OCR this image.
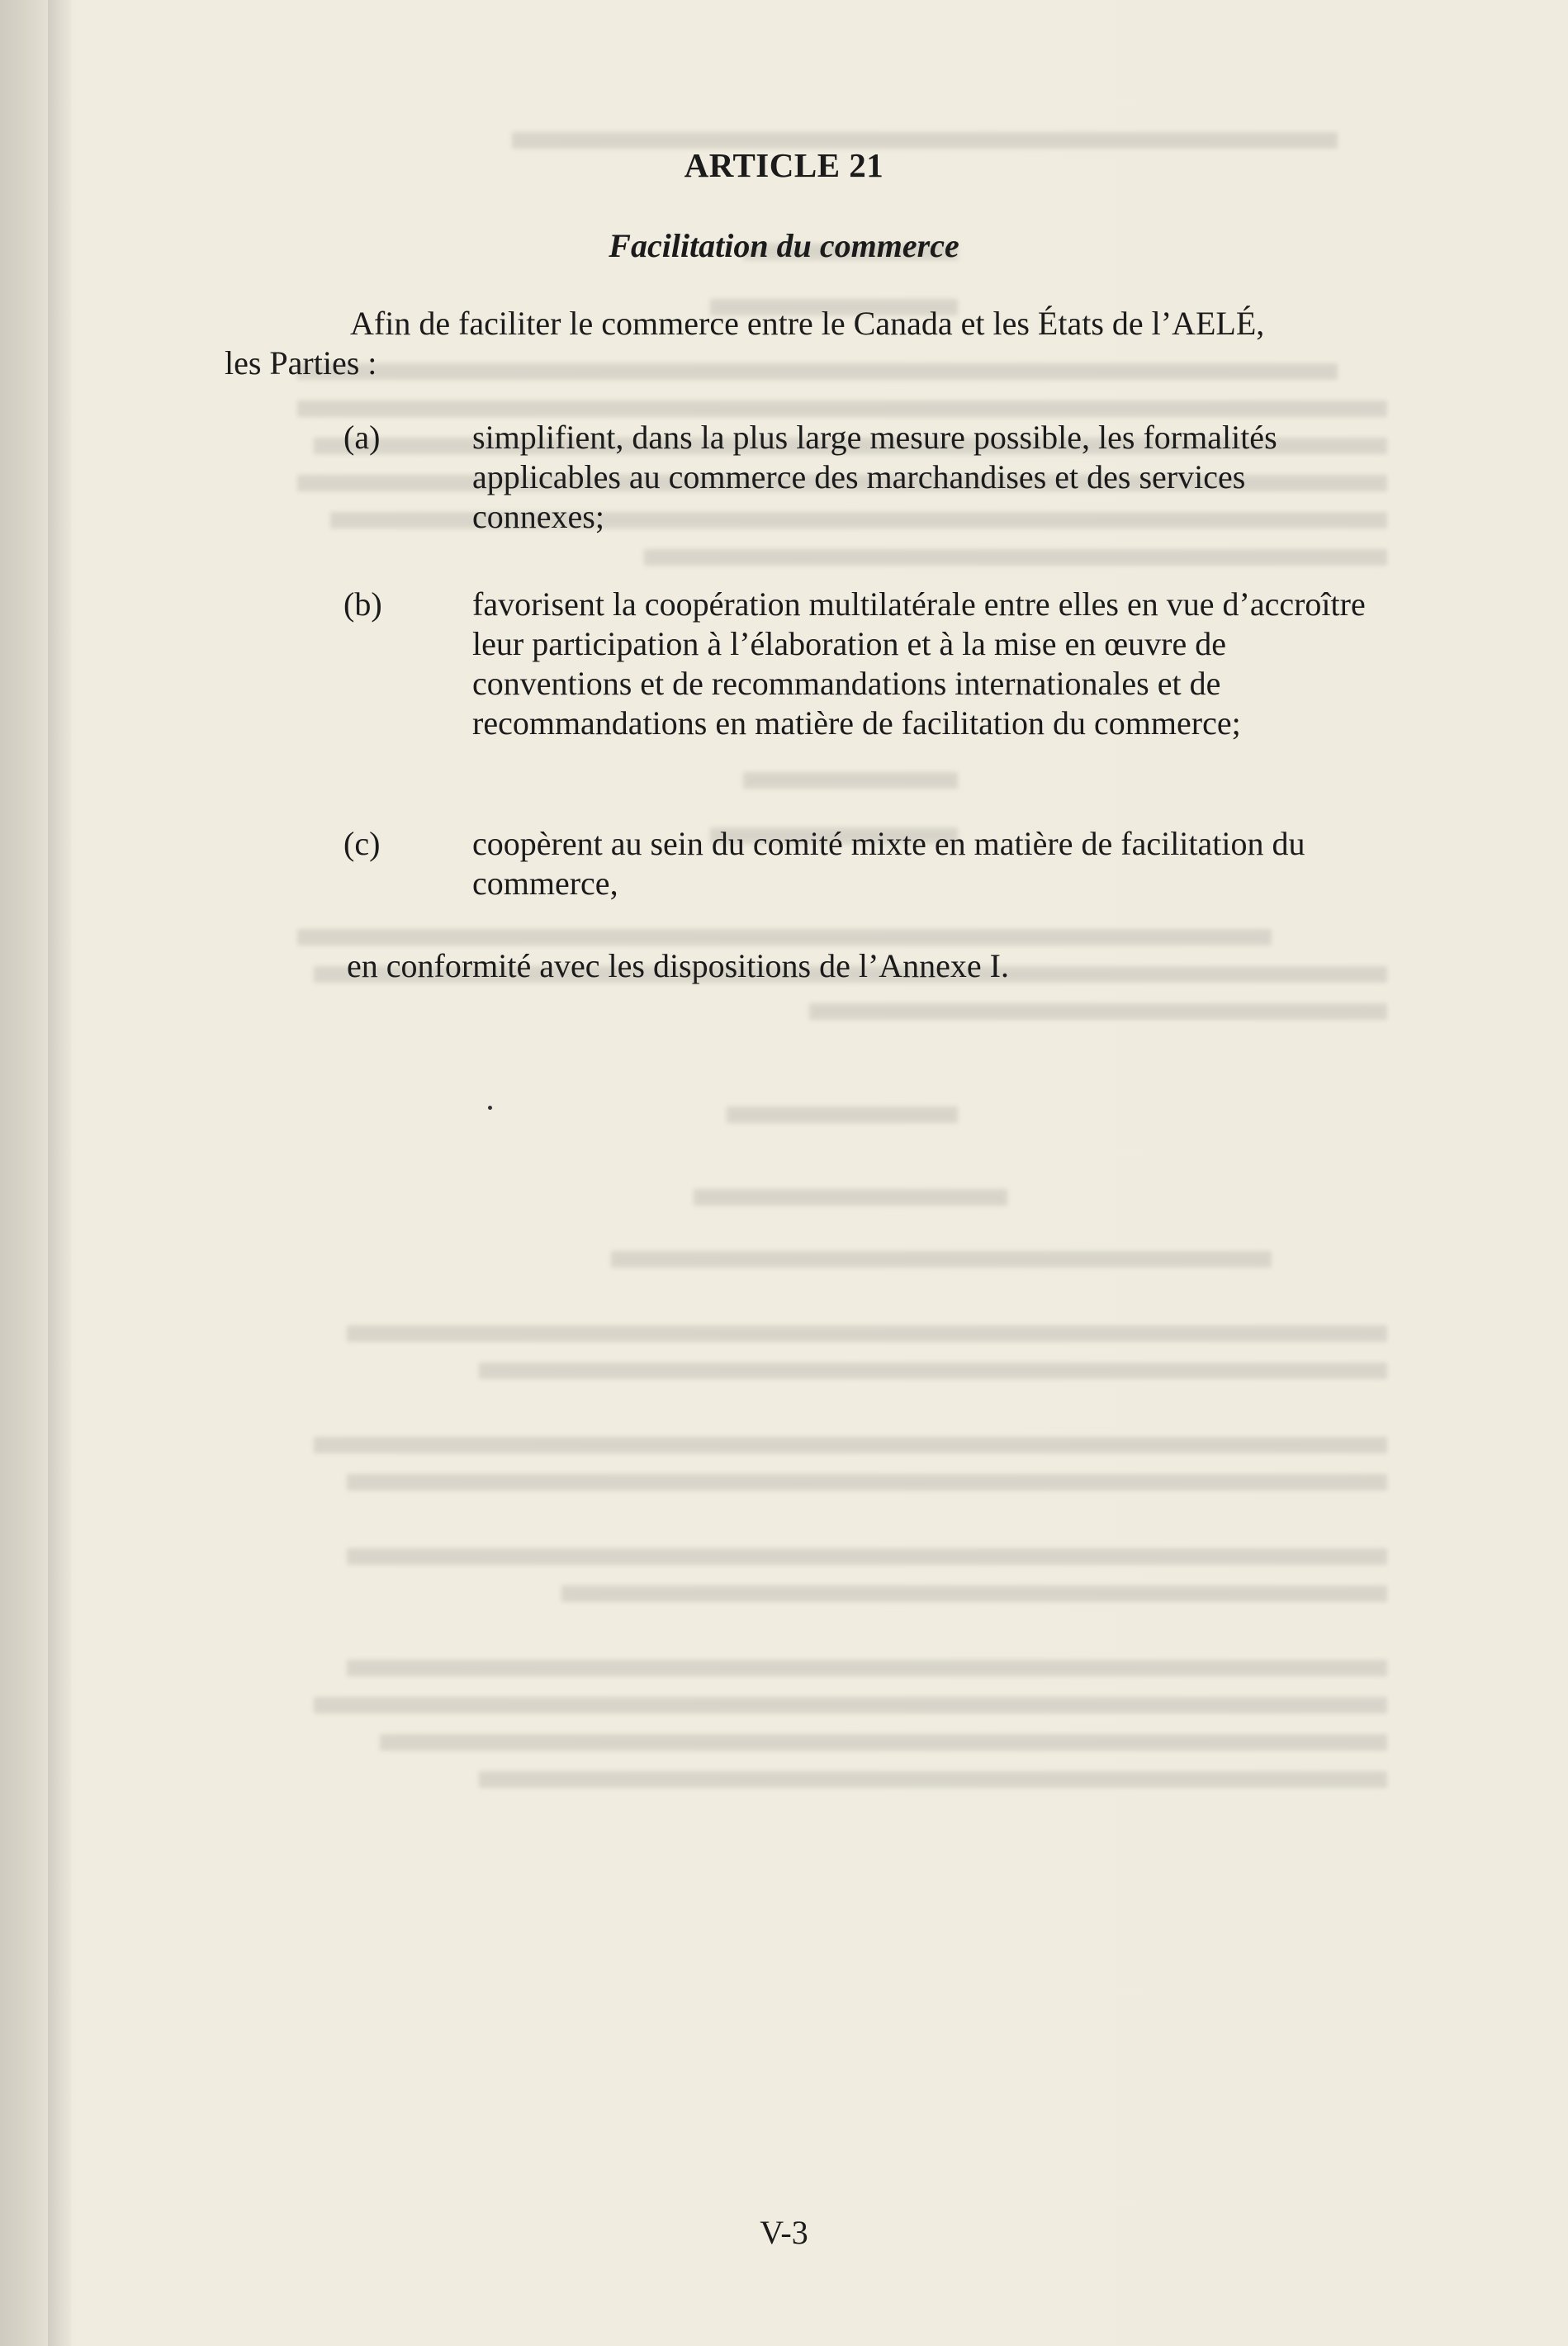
ARTICLE 21
Facilitation du commerce
Afin de faciliter le commerce entre le Canada et les États de l’AELÉ,
les Parties :
(a)	simplifient, dans la plus large mesure possible, les formalités applicables au commerce des marchandises et des services connexes;
(b)	favorisent la coopération multilatérale entre elles en vue d’accroître leur participation à l’élaboration et à la mise en œuvre de conventions et de recommandations internationales et de recommandations en matière de facilitation du commerce;
(c)	coopèrent au sein du comité mixte en matière de facilitation du commerce,
en conformité avec les dispositions de l’Annexe I.
V-3
